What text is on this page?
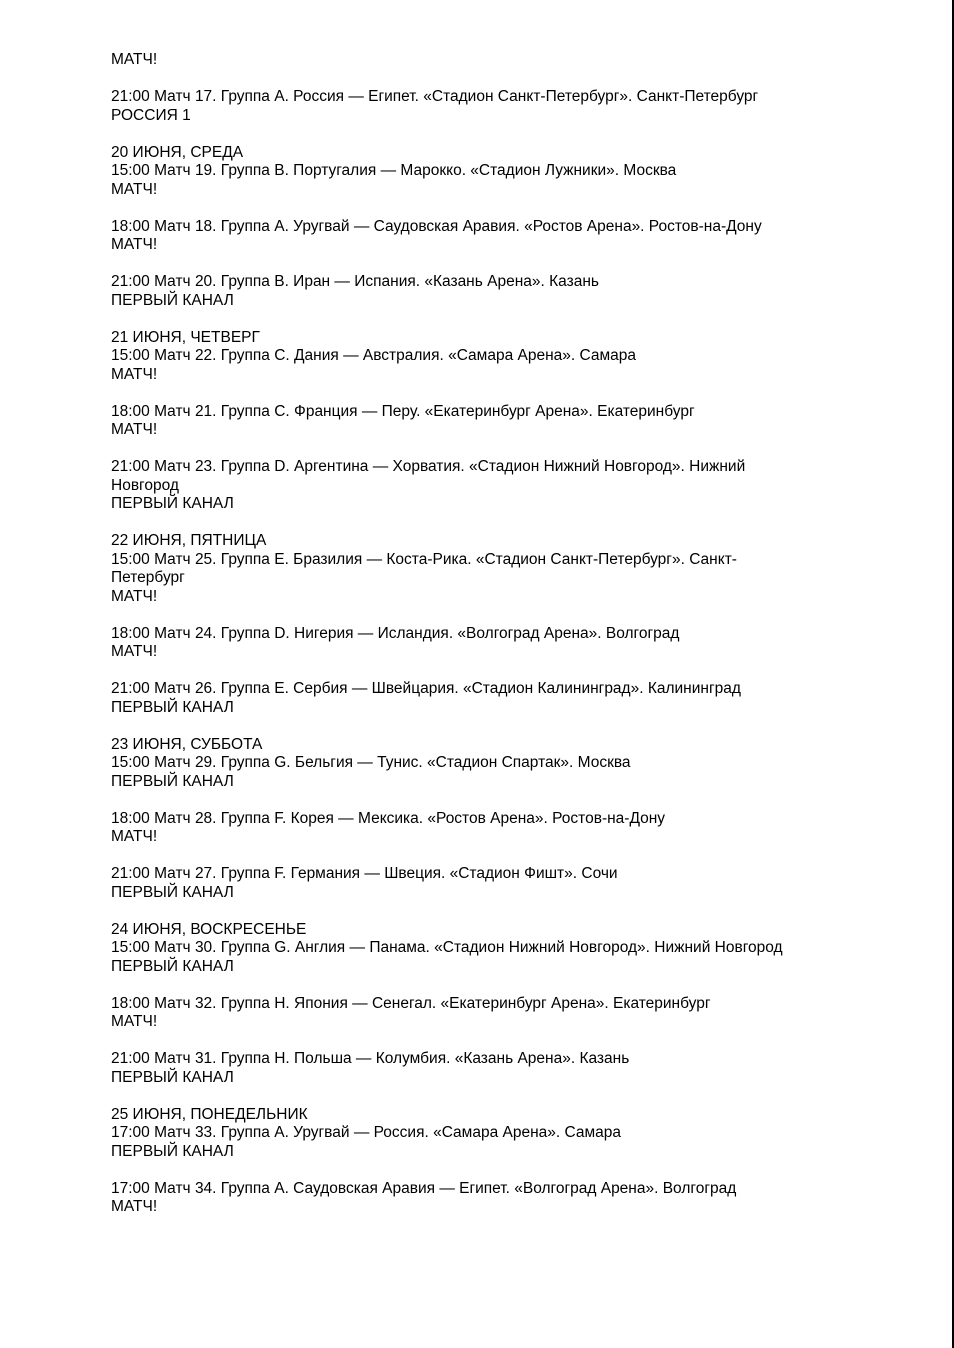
МАТЧ!
21:00 Матч 17. Группа А. Россия — Египет. «Стадион Санкт-Петербург». Санкт-Петербург
РОССИЯ 1
20 ИЮНЯ, СРЕДА
15:00 Матч 19. Группа B. Португалия — Марокко. «Стадион Лужники». Москва
МАТЧ!
18:00 Матч 18. Группа А. Уругвай — Саудовская Аравия. «Ростов Арена». Ростов-на-Дону
МАТЧ!
21:00 Матч 20. Группа B. Иран — Испания. «Казань Арена». Казань
ПЕРВЫЙ КАНАЛ
21 ИЮНЯ, ЧЕТВЕРГ
15:00 Матч 22. Группа C. Дания — Австралия. «Самара Арена». Самара
МАТЧ!
18:00 Матч 21. Группа C. Франция — Перу. «Екатеринбург Арена». Екатеринбург
МАТЧ!
21:00 Матч 23. Группа D. Аргентина — Хорватия. «Стадион Нижний Новгород». Нижний
Новгород
ПЕРВЫЙ КАНАЛ
22 ИЮНЯ, ПЯТНИЦА
15:00 Матч 25. Группа E. Бразилия — Коста-Рика. «Стадион Санкт-Петербург». Санкт-
Петербург
МАТЧ!
18:00 Матч 24. Группа D. Нигерия — Исландия. «Волгоград Арена». Волгоград
МАТЧ!
21:00 Матч 26. Группа E. Сербия — Швейцария. «Стадион Калининград». Калининград
ПЕРВЫЙ КАНАЛ
23 ИЮНЯ, СУББОТА
15:00 Матч 29. Группа G. Бельгия — Тунис. «Стадион Спартак». Москва
ПЕРВЫЙ КАНАЛ
18:00 Матч 28. Группа F. Корея — Мексика. «Ростов Арена». Ростов-на-Дону
МАТЧ!
21:00 Матч 27. Группа F. Германия — Швеция. «Стадион Фишт». Сочи
ПЕРВЫЙ КАНАЛ
24 ИЮНЯ, ВОСКРЕСЕНЬЕ
15:00 Матч 30. Группа G. Англия — Панама. «Стадион Нижний Новгород». Нижний Новгород
ПЕРВЫЙ КАНАЛ
18:00 Матч 32. Группа H. Япония — Сенегал. «Екатеринбург Арена». Екатеринбург
МАТЧ!
21:00 Матч 31. Группа H. Польша — Колумбия. «Казань Арена». Казань
ПЕРВЫЙ КАНАЛ
25 ИЮНЯ, ПОНЕДЕЛЬНИК
17:00 Матч 33. Группа А. Уругвай — Россия. «Самара Арена». Самара
ПЕРВЫЙ КАНАЛ
17:00 Матч 34. Группа А. Саудовская Аравия — Египет. «Волгоград Арена». Волгоград
МАТЧ!
